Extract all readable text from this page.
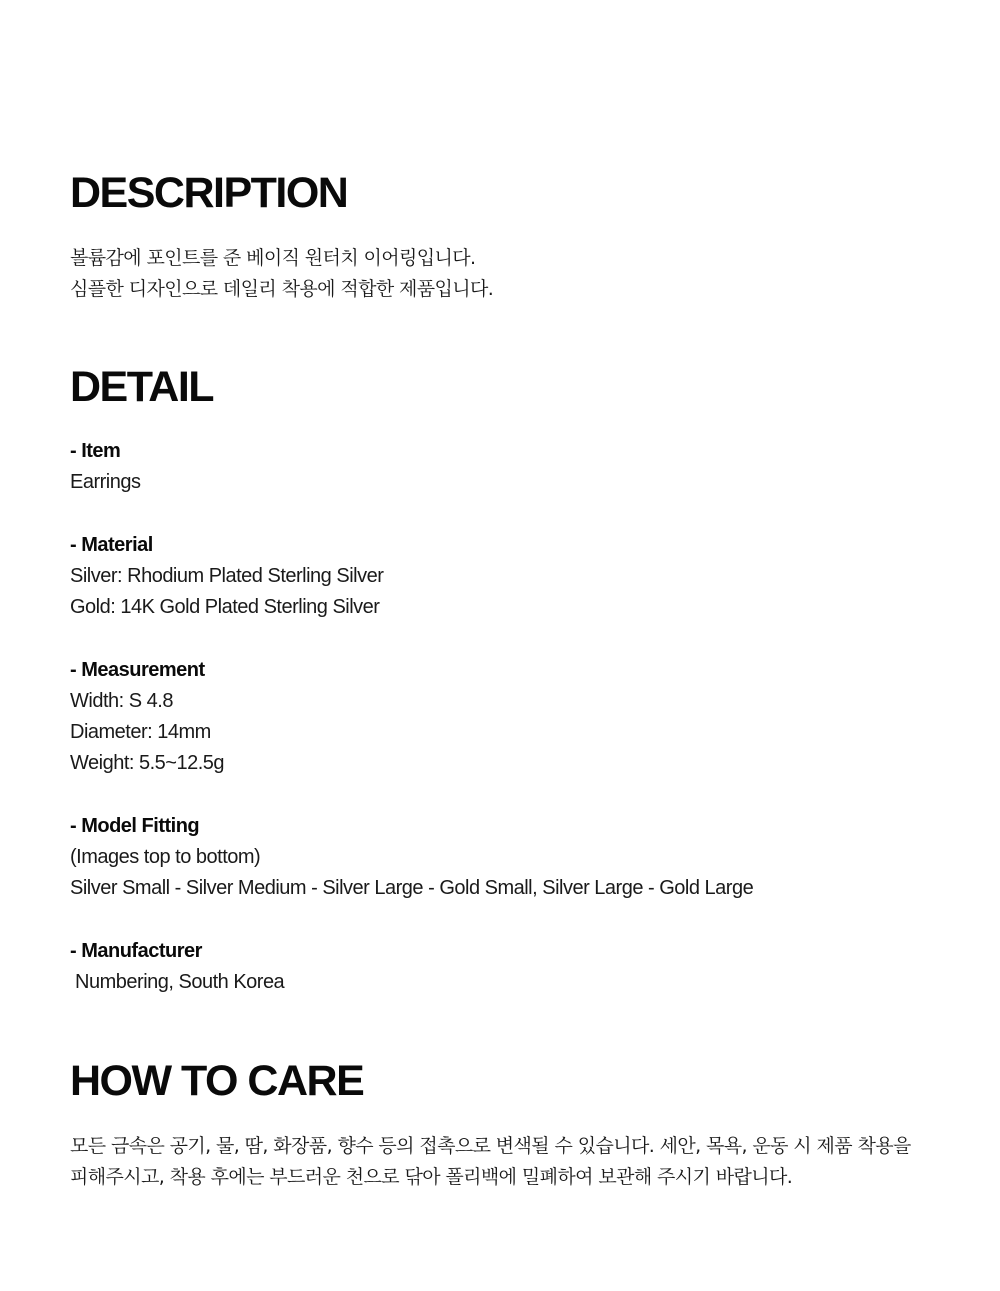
DESCRIPTION
볼륨감에 포인트를 준 베이직 원터치 이어링입니다.
심플한 디자인으로 데일리 착용에 적합한 제품입니다.
DETAIL
- Item
Earrings
- Material
Silver: Rhodium Plated Sterling Silver
Gold: 14K Gold Plated Sterling Silver
- Measurement
Width: S 4.8
Diameter: 14mm
Weight: 5.5~12.5g
- Model Fitting
(Images top to bottom)
Silver Small - Silver Medium - Silver Large - Gold Small, Silver Large - Gold Large
- Manufacturer
Numbering, South Korea
HOW TO CARE
모든 금속은 공기, 물, 땀, 화장품, 향수 등의 접촉으로 변색될 수 있습니다. 세안, 목욕, 운동 시 제품 착용을
피해주시고, 착용 후에는 부드러운 천으로 닦아 폴리백에 밀폐하여 보관해 주시기 바랍니다.
